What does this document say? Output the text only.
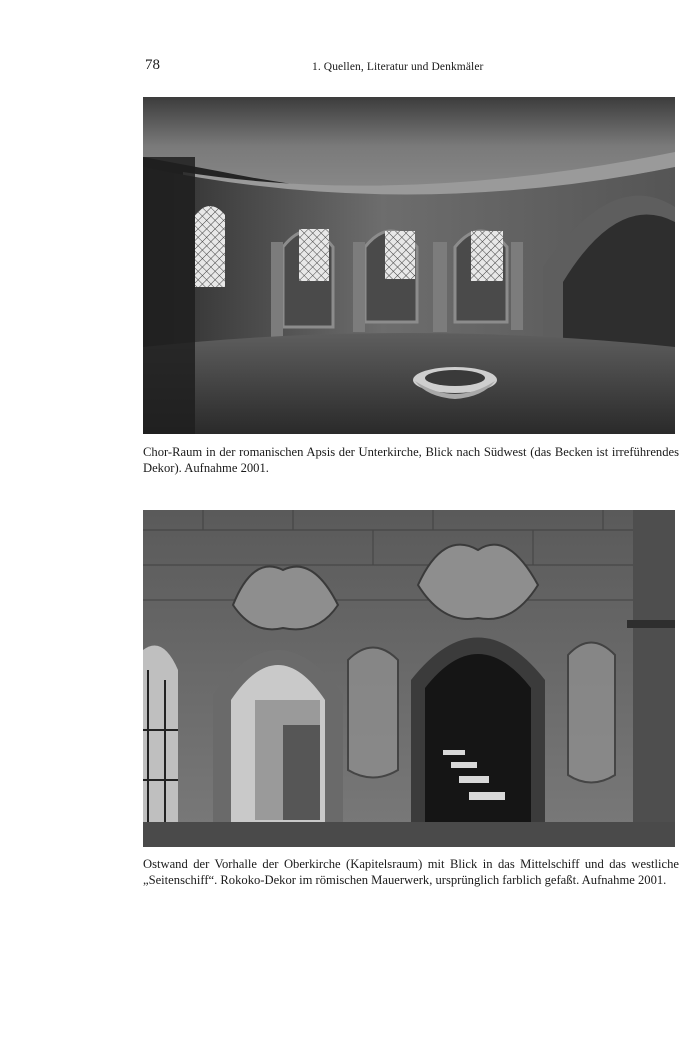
78	1. Quellen, Literatur und Denkmäler
Chor-Raum in der romanischen Apsis der Unterkirche, Blick nach Südwest (das Becken ist irreführendes Dekor). Aufnahme 2001.
Ostwand der Vorhalle der Oberkirche (Kapitelsraum) mit Blick in das Mittelschiff und das westliche „Seitenschiff“. Rokoko-Dekor im römischen Mauerwerk, ursprünglich farblich gefaßt. Aufnahme 2001.
